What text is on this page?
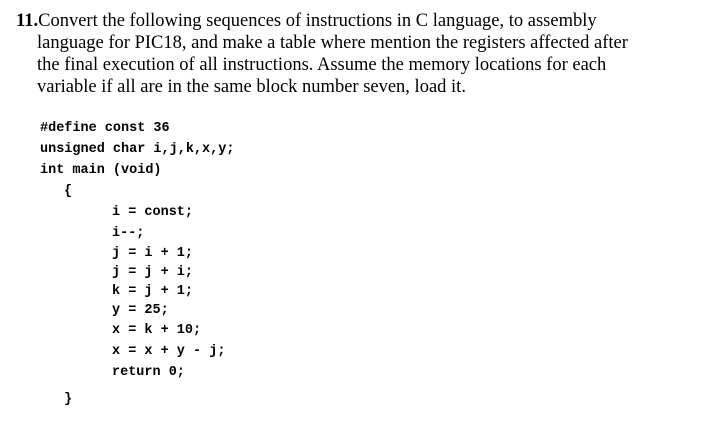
11.Convert the following sequences of instructions in C language, to assembly
language for PIC18, and make a table where mention the registers affected after
the final execution of all instructions. Assume the memory locations for each
variable if all are in the same block number seven, load it.
#define const 36
unsigned char i,j,k,x,y;
int main (void)
{
i = const;
i--;
j = i + 1;
j = j + i;
k = j + 1;
y = 25;
x = k + 10;
x = x + y - j;
return 0;
}
